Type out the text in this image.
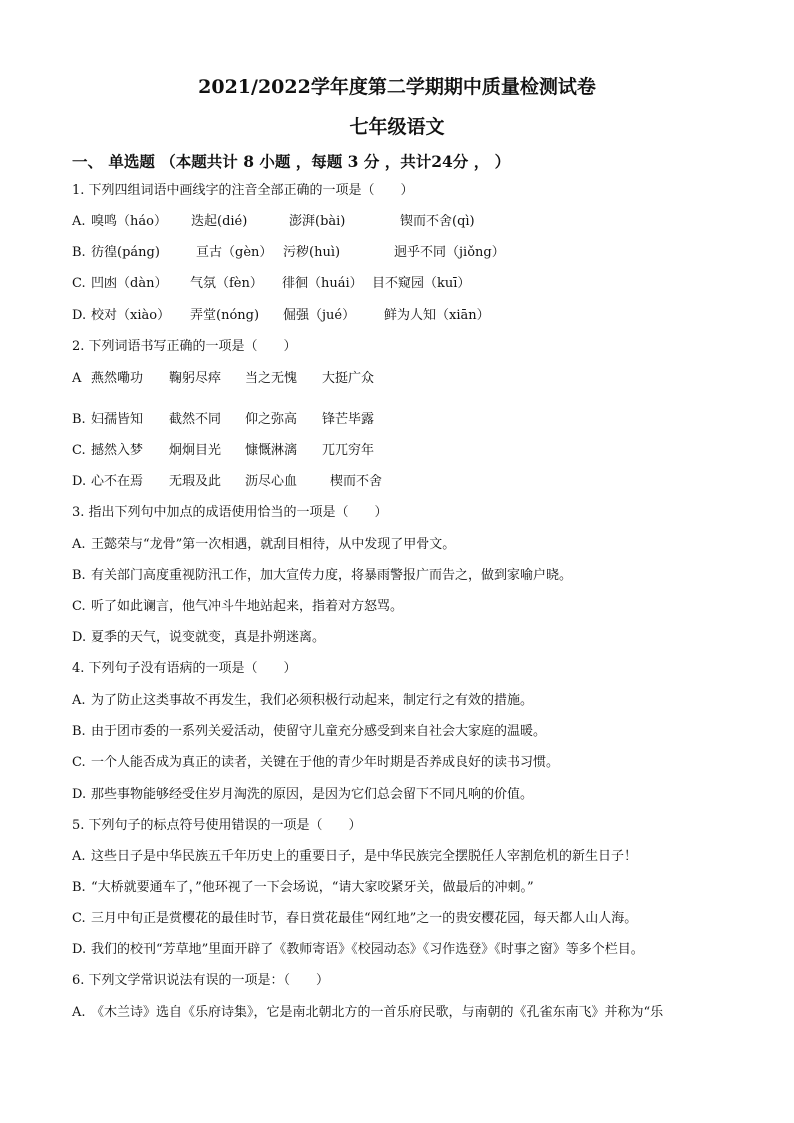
2021/2022学年度第二学期期中质量检测试卷
七年级语文
一、 单选题 （本题共计 8 小题 ，每题 3 分 ，共计24分 ， ）
1. 下列四组词语中画线字的注音全部正确的一项是（　　）
A. 嗅鸣（háo） 迭起(dié)	澎湃(bài)	锲而不舍(qì)
B. 彷徨(páng)	亘古（gèn） 污秽(huì)	迥乎不同（jiǒng）
C. 凹凼（dàn） 气氛（fèn） 徘徊（huái） 目不窥园（kuī）
D. 校对（xiào） 弄堂(nóng) 倔强（jué） 鲜为人知（xiān）
2. 下列词语书写正确的一项是（　　）
A 燕然嘞功 鞠躬尽瘁 当之无愧 大挺广众
B. 妇孺皆知 截然不同 仰之弥高 锋芒毕露
C. 撼然入梦 炯炯目光 慷慨淋漓 兀兀穷年
D. 心不在焉 无瑕及此 沥尽心血	楔而不舍
3. 指出下列句中加点的成语使用恰当的一项是（　　）
A. 王懿荣与“龙骨”第一次相遇，就刮目相待，从中发现了甲骨文。
B. 有关部门高度重视防汛工作，加大宣传力度，将暴雨警报广而告之，做到家喻户晓。
C. 听了如此谰言，他气冲斗牛地站起来，指着对方怒骂。
D. 夏季的天气，说变就变，真是扑朔迷离。
4. 下列句子没有语病的一项是（　　）
A. 为了防止这类事故不再发生，我们必须积极行动起来，制定行之有效的措施。
B. 由于团市委的一系列关爱活动，使留守儿童充分感受到来自社会大家庭的温暖。
C. 一个人能否成为真正的读者，关键在于他的青少年时期是否养成良好的读书习惯。
D. 那些事物能够经受住岁月淘洗的原因，是因为它们总会留下不同凡响的价值。
5. 下列句子的标点符号使用错误的一项是（　　）
A. 这些日子是中华民族五千年历史上的重要日子，是中华民族完全摆脱任人宰割危机的新生日子！
B. “大桥就要通车了，”他环视了一下会场说，“请大家咬紧牙关，做最后的冲刺。”
C. 三月中旬正是赏樱花的最佳时节，春日赏花最佳“网红地”之一的贵安樱花园，每天都人山人海。
D. 我们的校刊“芳草地”里面开辟了《教师寄语》《校园动态》《习作选登》《时事之窗》等多个栏目。
6. 下列文学常识说法有误的一项是：（　　）
A. 《木兰诗》选自《乐府诗集》，它是南北朝北方的一首乐府民歌，与南朝的《孔雀东南飞》并称为“乐
